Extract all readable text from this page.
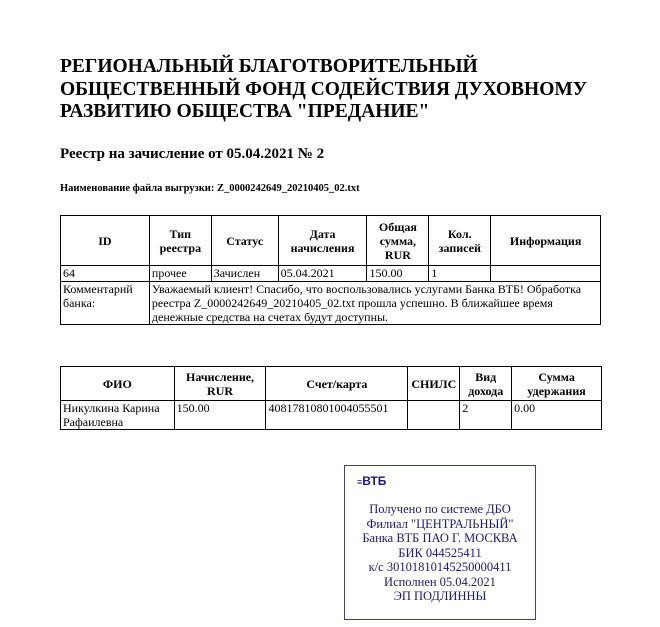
РЕГИОНАЛЬНЫЙ БЛАГОТВОРИТЕЛЬНЫЙ ОБЩЕСТВЕННЫЙ ФОНД СОДЕЙСТВИЯ ДУХОВНОМУ РАЗВИТИЮ ОБЩЕСТВА "ПРЕДАНИЕ"
Реестр на зачисление от 05.04.2021 № 2
Наименование файла выгрузки: Z_0000242649_20210405_02.txt
ID	Тип реестра	Статус	Дата начисления	Общая сумма, RUR	Кол. записей	Информация
64	прочее	Зачислен	05.04.2021	150.00	1	
Комментарий банка:	Уважаемый клиент! Спасибо, что воспользовались услугами Банка ВТБ! Обработка реестра Z_0000242649_20210405_02.txt прошла успешно. В ближайшее время денежные средства на счетах будут доступны.					
ФИО	Начисление, RUR	Счет/карта	СНИЛС	Вид дохода	Сумма удержания
Никулкина Карина Рафаилевна	150.00	40817810801004055501		2	0.00
≡ВТБ
Получено по системе ДБО
Филиал "ЦЕНТРАЛЬНЫЙ"
Банка ВТБ ПАО Г. МОСКВА
БИК 044525411
к/с 30101810145250000411
Исполнен 05.04.2021
ЭП ПОДЛИННЫ
